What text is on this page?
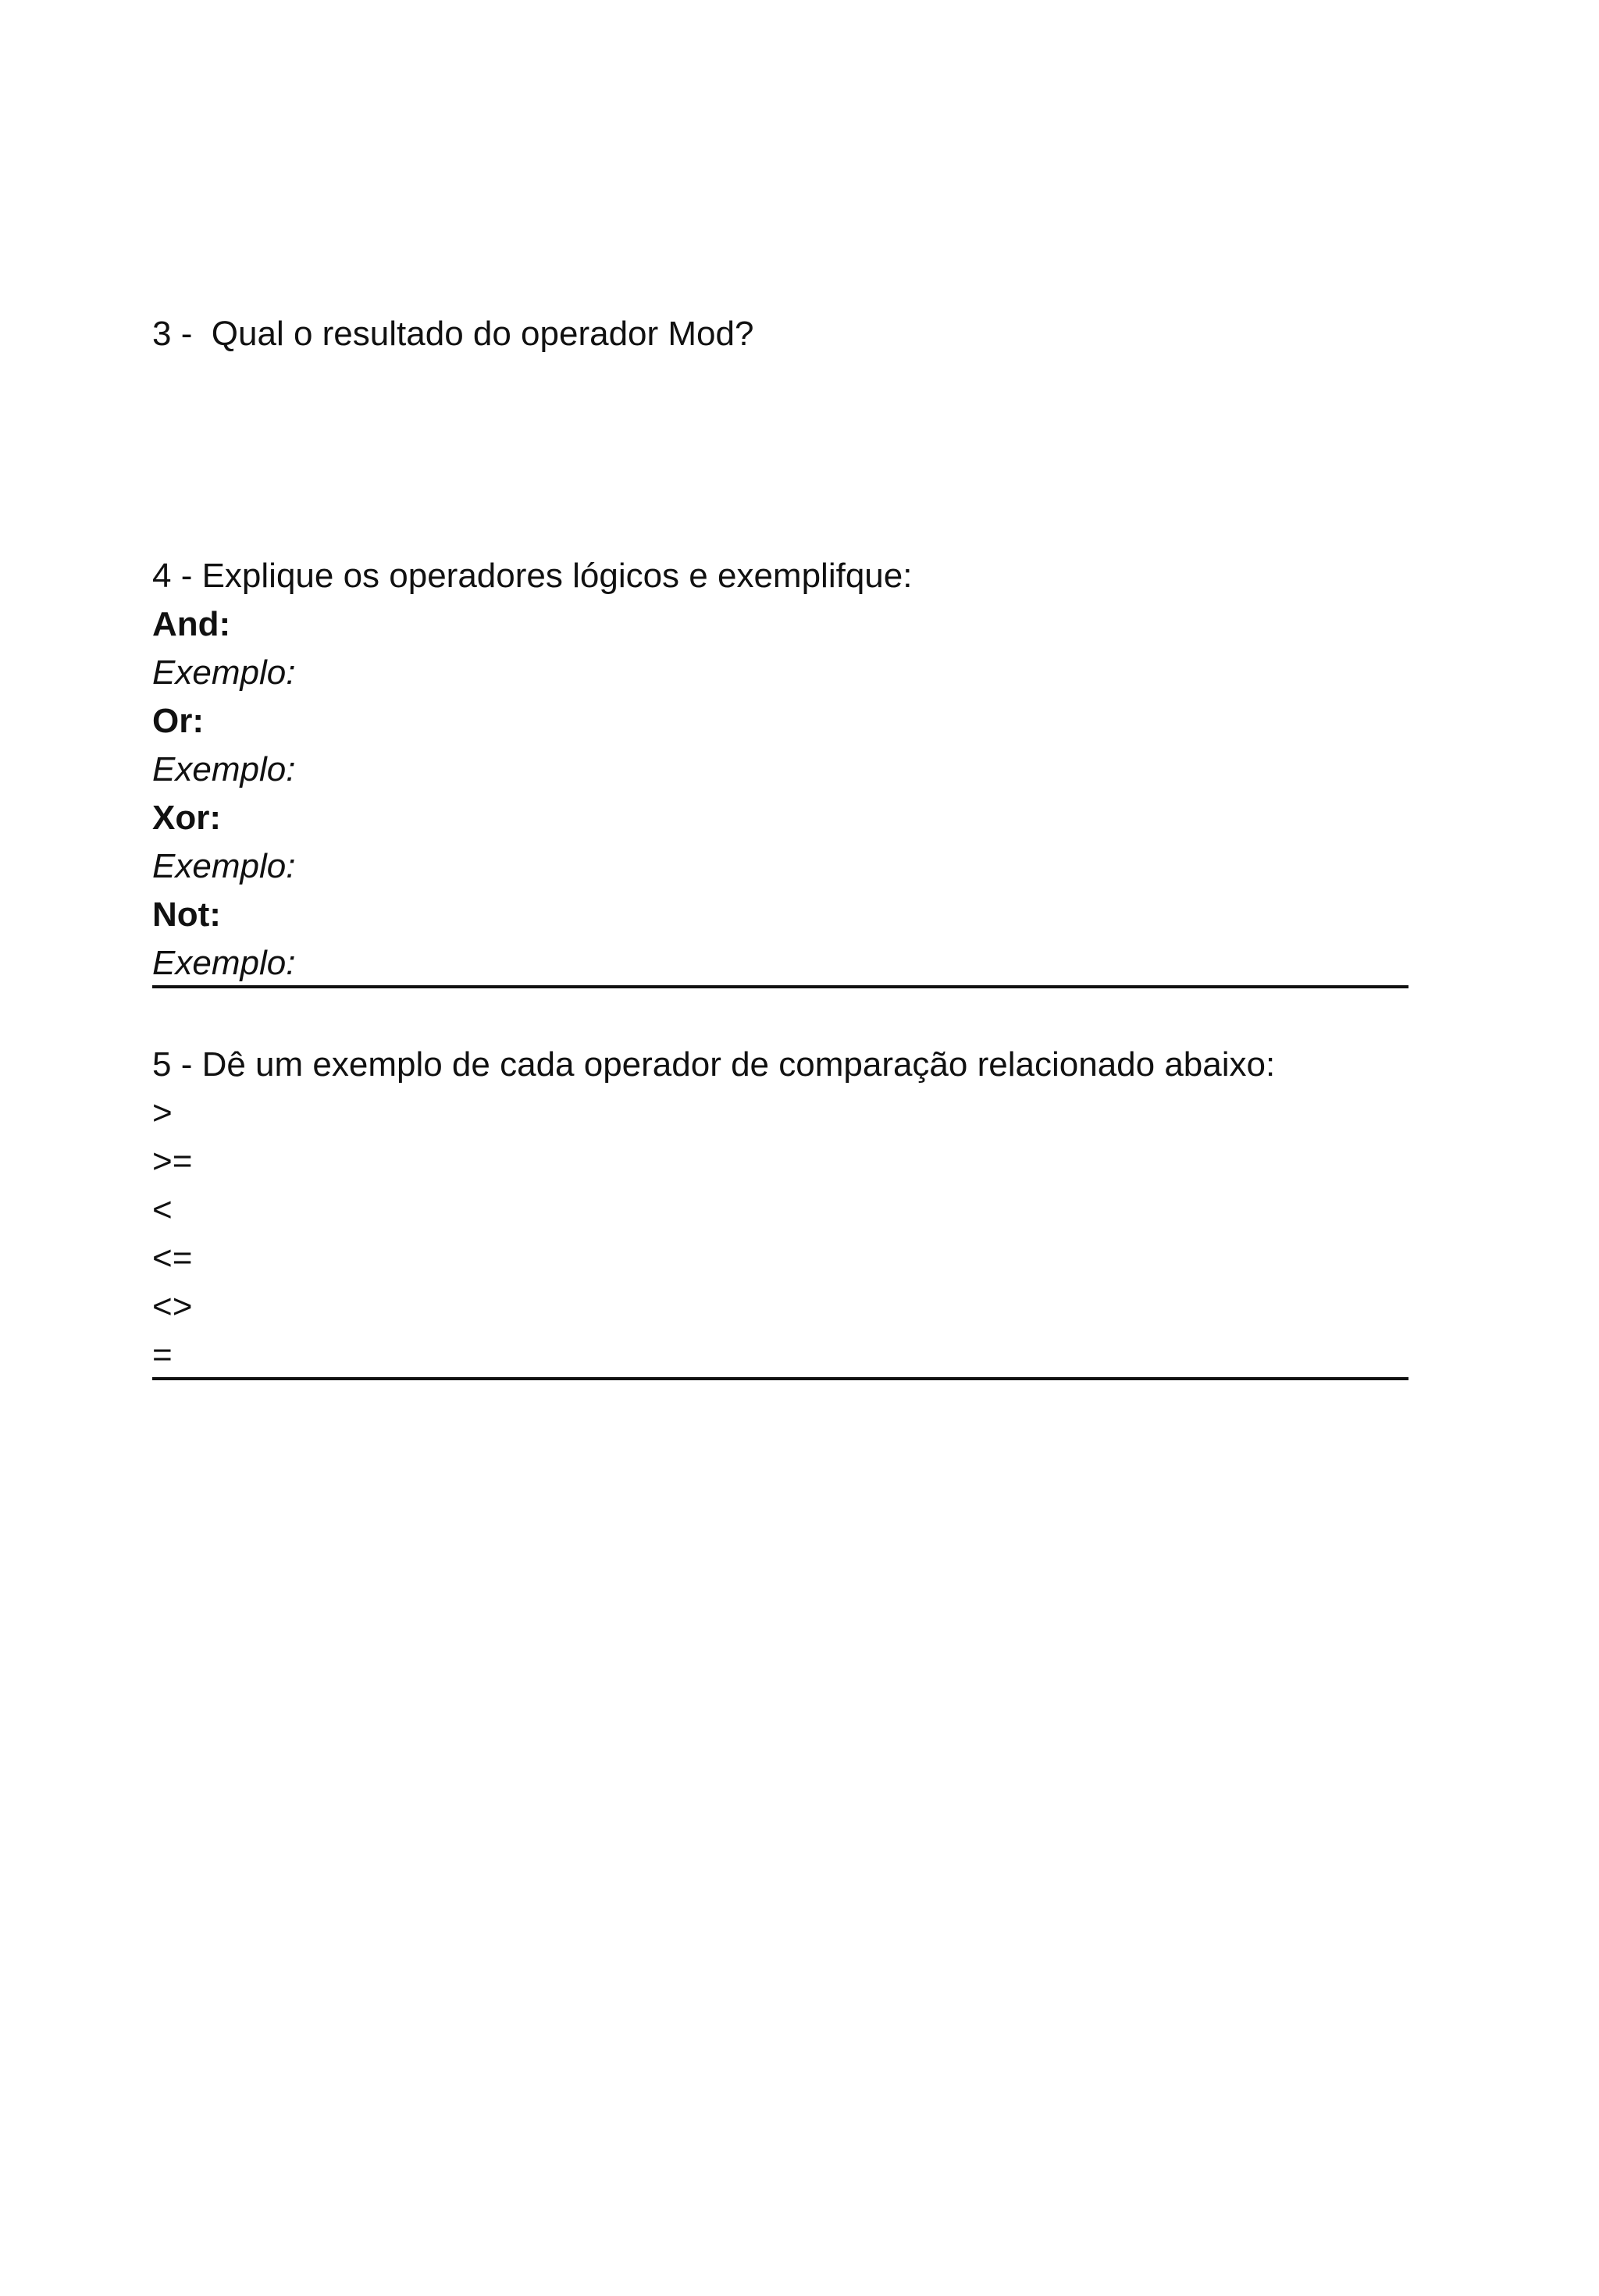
3 -  Qual o resultado do operador Mod?

4 - Explique os operadores lógicos e exemplifque:

And:

Exemplo:

Or:

Exemplo:

Xor:

Exemplo:

Not:

Exemplo:

5 - Dê um exemplo de cada operador de comparação relacionado abaixo:

>

>=

<

<=

<>

=
